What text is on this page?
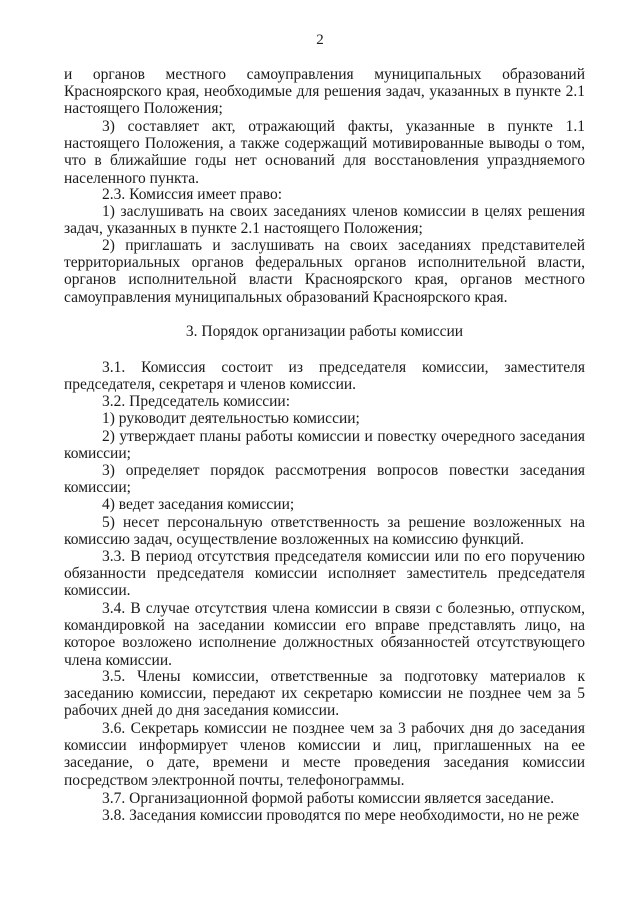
2

и органов местного самоуправления муниципальных образований Красноярского края, необходимые для решения задач, указанных в пункте 2.1 настоящего Положения;

3) составляет акт, отражающий факты, указанные в пункте 1.1 настоящего Положения, а также содержащий мотивированные выводы о том, что в ближайшие годы нет оснований для восстановления упраздняемого населенного пункта.

2.3. Комиссия имеет право:

1) заслушивать на своих заседаниях членов комиссии в целях решения задач, указанных в пункте 2.1 настоящего Положения;

2) приглашать и заслушивать на своих заседаниях представителей территориальных органов федеральных органов исполнительной власти, органов исполнительной власти Красноярского края, органов местного самоуправления муниципальных образований Красноярского края.

3. Порядок организации работы комиссии

3.1. Комиссия состоит из председателя комиссии, заместителя председателя, секретаря и членов комиссии.

3.2. Председатель комиссии:

1) руководит деятельностью комиссии;

2) утверждает планы работы комиссии и повестку очередного заседания комиссии;

3) определяет порядок рассмотрения вопросов повестки заседания комиссии;

4) ведет заседания комиссии;

5) несет персональную ответственность за решение возложенных на комиссию задач, осуществление возложенных на комиссию функций.

3.3. В период отсутствия председателя комиссии или по его поручению обязанности председателя комиссии исполняет заместитель председателя комиссии.

3.4. В случае отсутствия члена комиссии в связи с болезнью, отпуском, командировкой на заседании комиссии его вправе представлять лицо, на которое возложено исполнение должностных обязанностей отсутствующего члена комиссии.

3.5. Члены комиссии, ответственные за подготовку материалов к заседанию комиссии, передают их секретарю комиссии не позднее чем за 5 рабочих дней до дня заседания комиссии.

3.6. Секретарь комиссии не позднее чем за 3 рабочих дня до заседания комиссии информирует членов комиссии и лиц, приглашенных на ее заседание, о дате, времени и месте проведения заседания комиссии посредством электронной почты, телефонограммы.

3.7. Организационной формой работы комиссии является заседание.

3.8. Заседания комиссии проводятся по мере необходимости, но не реже
